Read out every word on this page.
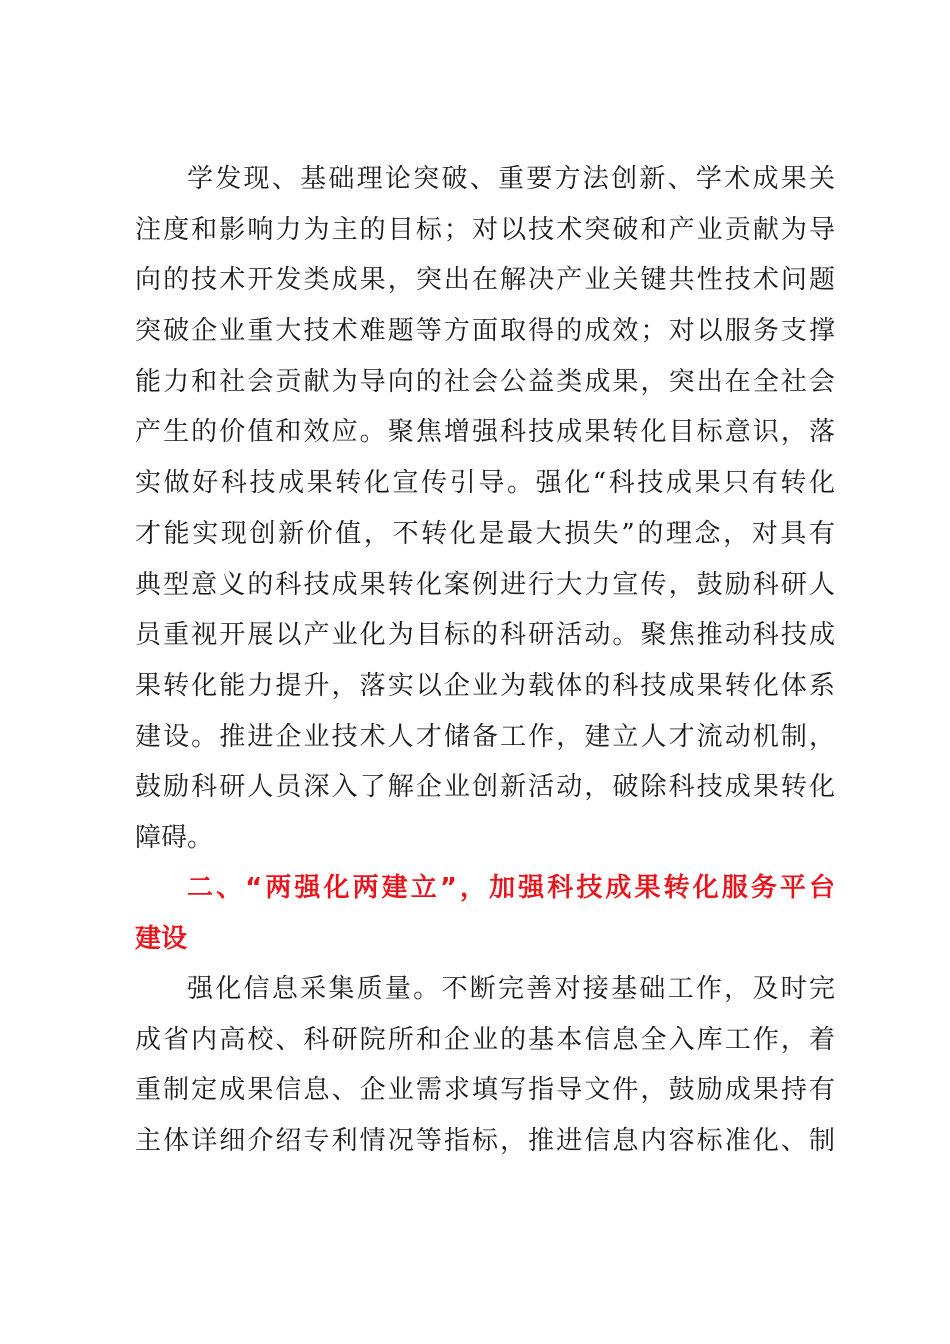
学发现、基础理论突破、重要方法创新、学术成果关
注度和影响力为主的目标；对以技术突破和产业贡献为导
向的技术开发类成果，突出在解决产业关键共性技术问题
突破企业重大技术难题等方面取得的成效；对以服务支撑
能力和社会贡献为导向的社会公益类成果，突出在全社会
产生的价值和效应。聚焦增强科技成果转化目标意识，落
实做好科技成果转化宣传引导。强化“科技成果只有转化
才能实现创新价值，不转化是最大损失”的理念，对具有
典型意义的科技成果转化案例进行大力宣传，鼓励科研人
员重视开展以产业化为目标的科研活动。聚焦推动科技成
果转化能力提升，落实以企业为载体的科技成果转化体系
建设。推进企业技术人才储备工作，建立人才流动机制，
鼓励科研人员深入了解企业创新活动，破除科技成果转化
障碍。
二、“两强化两建立”，加强科技成果转化服务平台
建设
强化信息采集质量。不断完善对接基础工作，及时完
成省内高校、科研院所和企业的基本信息全入库工作，着
重制定成果信息、企业需求填写指导文件，鼓励成果持有
主体详细介绍专利情况等指标，推进信息内容标准化、制
